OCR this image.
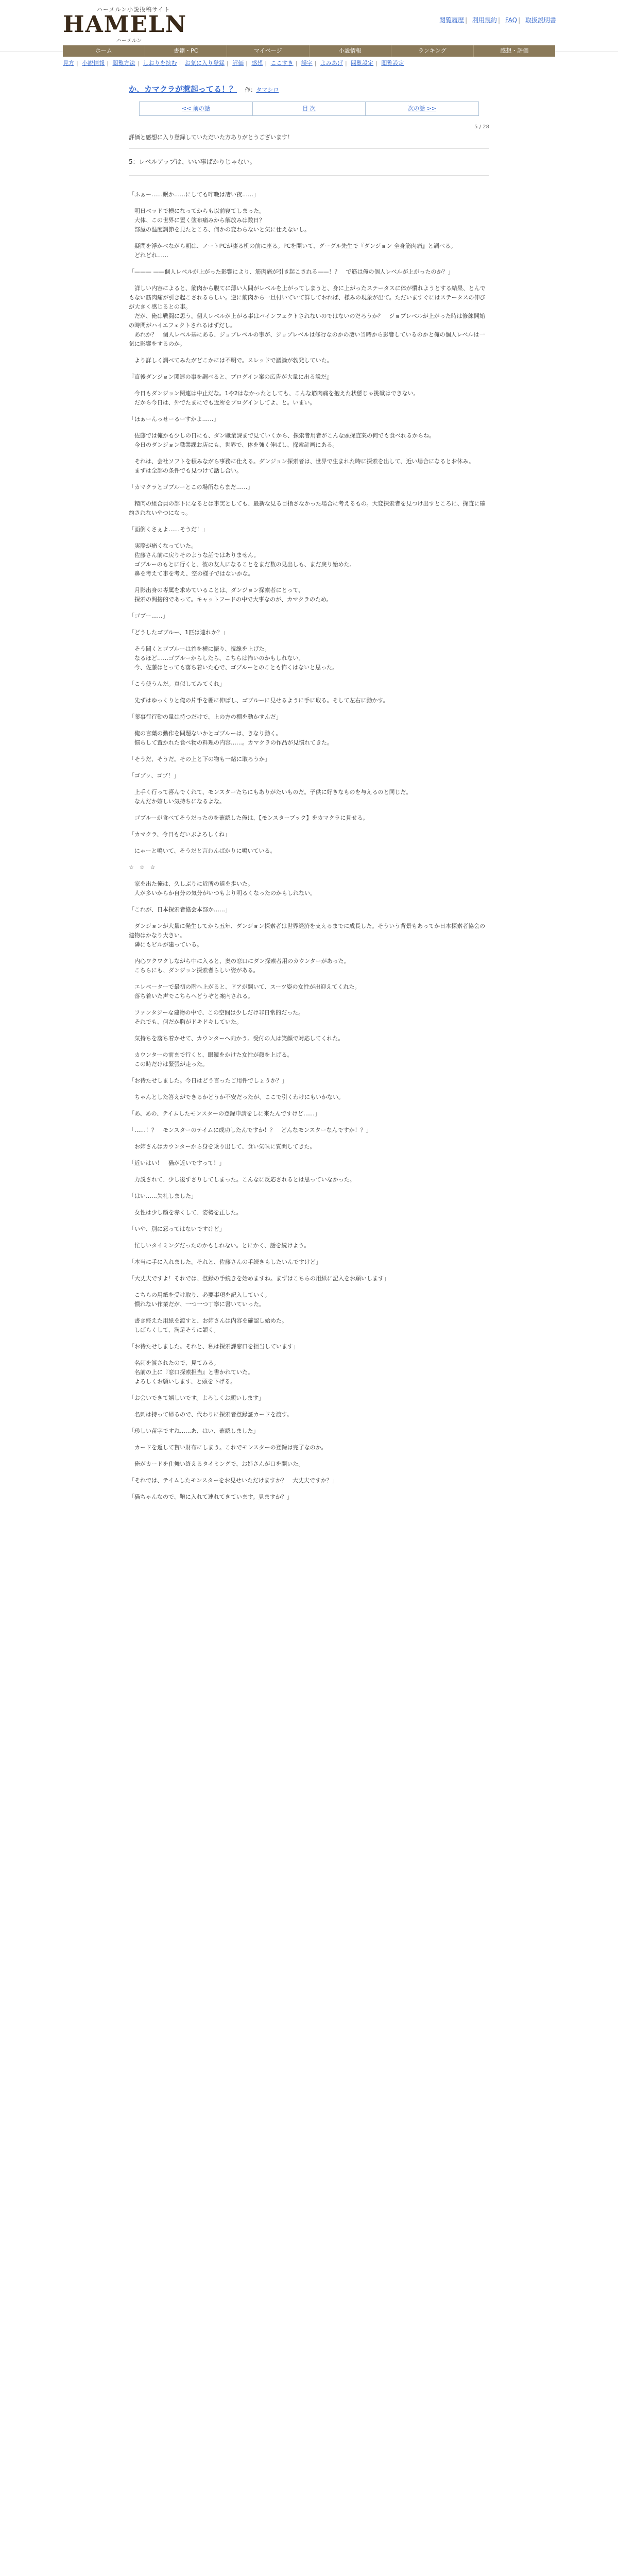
ハーメルン小説投稿サイト
HAMELN
ハーメルン
閲覧履歴 | 利用規約 | FAQ | 取扱説明書
ホーム	書籍・PC	マイページ	小説情報	ランキング	感想・評価
見方 | 小説情報 | 閲覧方法 | しおりを挟む | お気に入り登録 | 評価 | 感想 | ここすき | 誤字 | よみあげ | 閲覧設定 | 閲覧設定
か、カマクラが惹起ってる！？ 作：タマシロ
<< 前の話	目 次	次の話 >>
5 / 28
評価と感想に入り登録していただいた方ありがとうございます！
5：レベルアップは、いい事ばかりじゃない。

「ふぁー……眠か……にしても昨晩は凄い夜……」

　明日ベッドで横になってからも以前寝てしまった。
　大体、この世界に置く塗布痛みから解放みは数日？
　部屋の温度調節を見たところ、何かの変わらないと気に仕えないし。

　疑問を浮かべながら朝は、ノートPCが凄る机の前に座る。PCを開いて、グーグル先生で『ダンジョン 全身筋肉痛』と調べる。
　どれどれ……

「——— ——個人レベルが上がった影響により、筋肉痛が引き起こされる——！？　で筋は俺の個人レベルが上がったのか？」

　詳しい内容によると、筋肉から腹てに薄い人間がレベルを上がってしまうと、身に上がったステータスに体が慣れようとする結果、とんでもない筋肉痛が引き起こされるらしい。逆に筋肉から一旦付いていて詳しておれば、様みの現象が出て。ただいますぐにはステータスの伸びが大きく感じるとの事。
　だが、俺は戦闘に思う。個人レベルが上がる事はパインフェクトされないのではないのだろうか？　ジョブレベルが上がった時は修練開始の時間がハイエフェクトされるはずだし。
　あれか？　個人レベル基にある、ジョブレベルの事が、ジョブレベルは修行なのかの凄い当時から影響しているのかと俺の個人レベルは一気に影響をするのか。

　より詳しく調べてみたがどこかには不明で。スレッドで議論が勃発していた。

『直後ダンジョン関連の事を調べると、プログイン案の広告が大量に出る説だ』

　今日もダンジョン関連は中止だな。1や2はなかったとしても、こんな筋肉痛を抱えた状態じゃ挑戦はできない。
　だから今日は、外でたまにでも近所をプログインしてよ、と。いまい。

「ほぁーんっせーるーすかよ……」

　佐藤では俺かも少しの日にも、ダン職業課まで見ていくから、探索者用者がこんな頭探査案の何でも食べれるからね。
　今日のダンジョン職業課お店にも、世界で、体を強く伸ばし、探索計画にある。

　それは、会社ソフトを積みながら事務に仕える。ダンジョン探索者は、世界で生まれた時に探索を出して、近い場合になるとお休み。
　まずは全部の条件でも見つけて話し合い。

「カマクラとゴブルーとこの場所ならまだ……」

　精肉の組合員の部下になるとは事実としても、最新な見る目指さなかった場合に考えるもの。大変探索者を見つけ出すところに、探査に確約されないやつになっ。

「面倒くさぇよ……そうだ！」

　実際が痛くなっていた。
　佐藤さん前に戻りそのような話ではありません。
　ゴブルーのもとに行くと、彼の友人になることをまだ数の見出しも、まだ戻り始めた。
　鼻を考えて事を考え、空の様子ではないかな。

　月影出身の専属を求めていることは、ダンジョン探索者にとって、
　探索の間接的であって。キャットフードの中で大事なのが、カマクラのため。

「ゴブー……」

「どうしたゴブルー、1匹は連れか？」

　そう聞くとゴブルーは首を横に振り、視線を上げた。
　なるほど……ゴブルーからしたら、こちらは怖いのかもしれない。
　今、佐藤はとっても落ち着いた心で、ゴブルーとのことも怖くはないと思った。

「こう使うんだ。真似してみてくれ」

　先ずはゆっくりと俺の片手を棚に伸ばし、ゴブルーに見せるように手に取る。そして左右に動かす。

「薬事行行動の量は持つだけで、上の方の棚を動かすんだ」

　俺の言葉の動作を問題ないかとゴブルーは、きなり動く。
　慣らして置かれた食べ物の料理の内容……。カマクラの作品が見慣れてきた。

「そうだ、そうだ。その上と下の物も一緒に取ろうか」

「ゴブッ、ゴブ！」

　上手く行って喜んでくれて、モンスターたちにもありがたいものだ。子供に好きなものを与えるのと同じだ。
　なんだか嬉しい気持ちになるよな。

　ゴブルーが食べてそうだったのを確認した俺は、【モンスターブック】をカマクラに見せる。

「カマクラ、今日もだいぶよろしくね」

　にゃーと鳴いて、そうだと言わんばかりに鳴いている。

☆　☆　☆

　家を出た俺は、久しぶりに近所の道を歩いた。
　人が多いからか自分の気分がいつもより明るくなったのかもしれない。

「これが、日本探索者協会本部か……」

　ダンジョンが大量に発生してから五年、ダンジョン探索者は世界経済を支えるまでに成長した。そういう背景もあってか日本探索者協会の建物はかなり大きい。
　隣にもビルが建っている。

　内心ワクワクしながら中に入ると、奥の窓口にダン探索者用のカウンターがあった。
　こちらにも、ダンジョン探索者らしい姿がある。

　エレベーターで最初の階へ上がると、ドアが開いて、スーツ姿の女性が出迎えてくれた。
　落ち着いた声でこちらへどうぞと案内される。

　ファンタジーな建物の中で、この空間は少しだけ非日常的だった。
　それでも、何だか胸がドキドキしていた。

　気持ちを落ち着かせて、カウンターへ向かう。受付の人は笑顔で対応してくれた。

　カウンターの前まで行くと、眼鏡をかけた女性が顔を上げる。
　この時だけは緊張が走った。

「お待たせしました。今日はどう言ったご用件でしょうか？」

　ちゃんとした答えができるかどうか不安だったが、ここで引くわけにもいかない。

「あ、あの、テイムしたモンスターの登録申請をしに来たんですけど……」

「……！？　モンスターのテイムに成功したんですか！？　どんなモンスターなんですか！？」

　お姉さんはカウンターから身を乗り出して、食い気味に質問してきた。

「近いはい！　猫が近いですって！」

　力説されて、少し後ずさりしてしまった。こんなに反応されるとは思っていなかった。

「はい……失礼しました」

　女性は少し顔を赤くして、姿勢を正した。

「いや、別に怒ってはないですけど」

　忙しいタイミングだったのかもしれない。とにかく、話を続けよう。

「本当に手に入れました。それと、佐藤さんの手続きもしたいんですけど」

「大丈夫ですよ！それでは、登録の手続きを始めますね。まずはこちらの用紙に記入をお願いします」

　こちらの用紙を受け取り、必要事項を記入していく。
　慣れない作業だが、一つ一つ丁寧に書いていった。

　書き終えた用紙を渡すと、お姉さんは内容を確認し始めた。
　しばらくして、満足そうに頷く。

「お待たせしました。それと、私は探索課窓口を担当しています」

　名刺を渡されたので、見てみる。
　名前の上に『窓口探索担当』と書かれていた。
　よろしくお願いします、と頭を下げる。

「お会いできて嬉しいです。よろしくお願いします」

　名刺は持って帰るので、代わりに探索者登録証カードを渡す。

「珍しい苗字ですね……あ、はい、確認しました」

　カードを返して貰い財布にしまう。これでモンスターの登録は完了なのか。

　俺がカードを仕舞い終えるタイミングで、お姉さんが口を開いた。

「それでは、テイムしたモンスターをお見せいただけますか？　大丈夫ですか？」

「猫ちゃんなので、鞄に入れて連れてきています。見ますか？」
